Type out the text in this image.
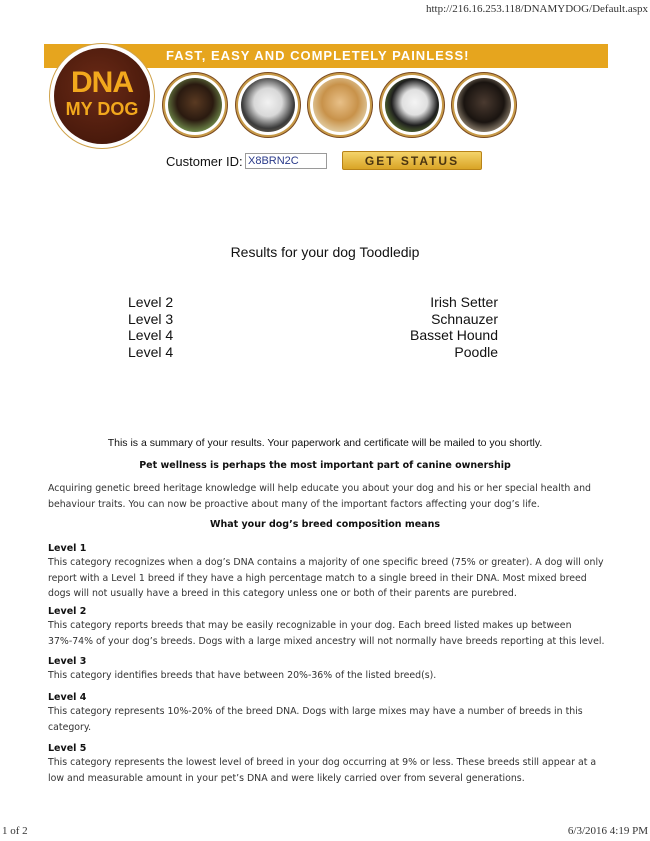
http://216.16.253.118/DNAMYDOG/Default.aspx
FAST, EASY AND COMPLETELY PAINLESS!
DNA
MY DOG
Customer ID: X8BRN2C	GET STATUS
Results for your dog Toodledip
Level 2	Irish Setter
Level 3	Schnauzer
Level 4	Basset Hound
Level 4	Poodle
This is a summary of your results. Your paperwork and certificate will be mailed to you shortly.
Pet wellness is perhaps the most important part of canine ownership
Acquiring genetic breed heritage knowledge will help educate you about your dog and his or her special health and behaviour traits. You can now be proactive about many of the important factors affecting your dog’s life.
What your dog’s breed composition means
Level 1
This category recognizes when a dog’s DNA contains a majority of one specific breed (75% or greater). A dog will only report with a Level 1 breed if they have a high percentage match to a single breed in their DNA. Most mixed breed dogs will not usually have a breed in this category unless one or both of their parents are purebred.
Level 2
This category reports breeds that may be easily recognizable in your dog. Each breed listed makes up between 37%-74% of your dog’s breeds. Dogs with a large mixed ancestry will not normally have breeds reporting at this level.
Level 3
This category identifies breeds that have between 20%-36% of the listed breed(s).
Level 4
This category represents 10%-20% of the breed DNA. Dogs with large mixes may have a number of breeds in this category.
Level 5
This category represents the lowest level of breed in your dog occurring at 9% or less. These breeds still appear at a low and measurable amount in your pet’s DNA and were likely carried over from several generations.
1 of 2	6/3/2016 4:19 PM
